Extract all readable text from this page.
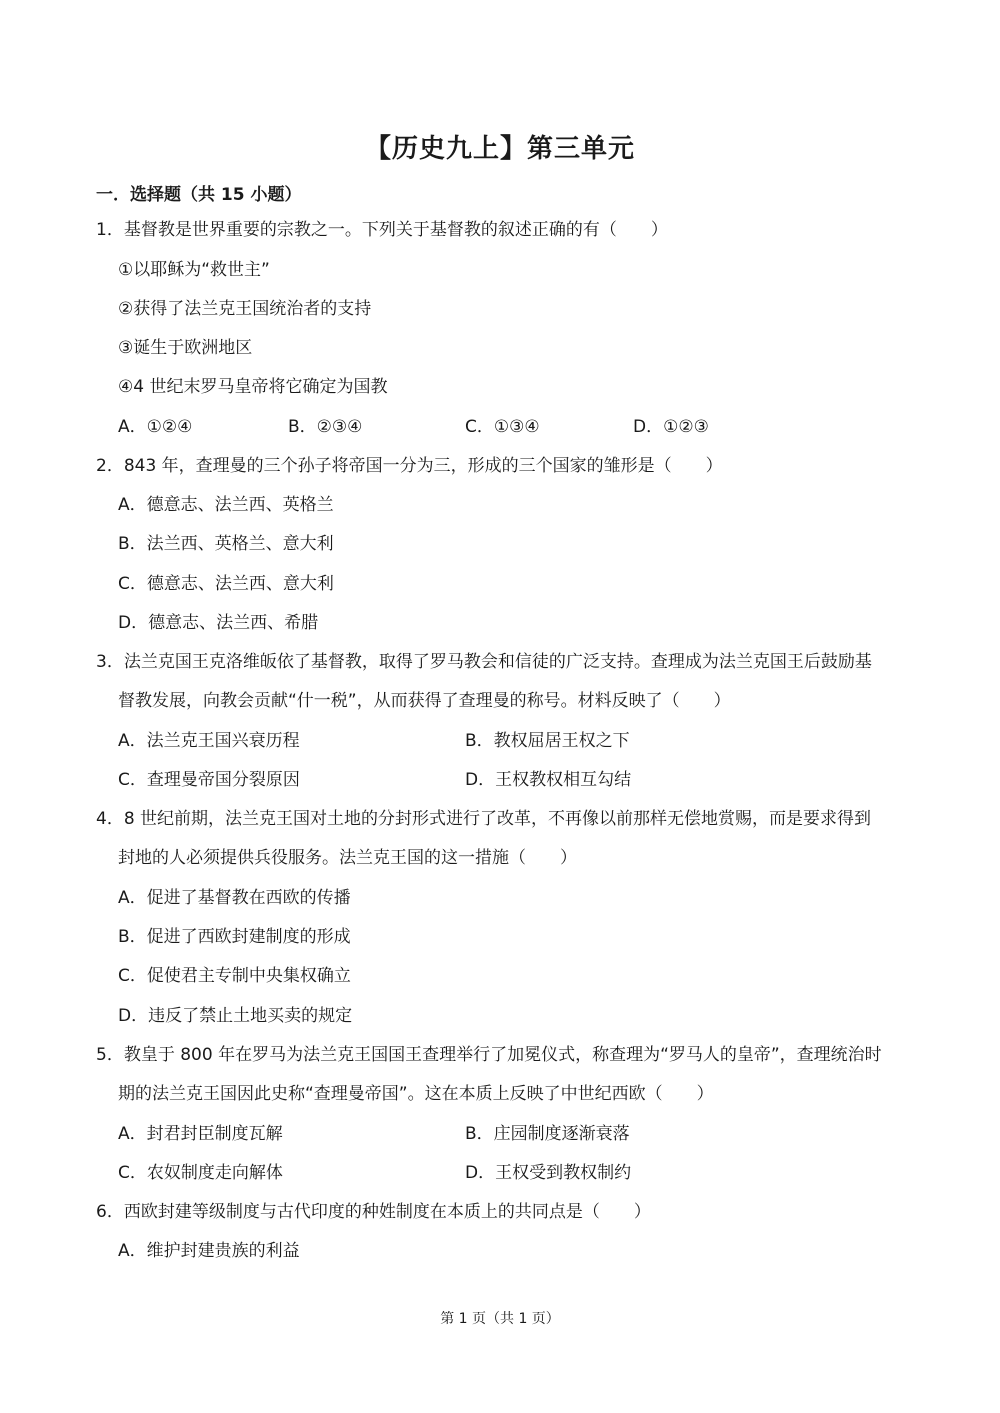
【历史九上】第三单元
一．选择题（共 15 小题）
1．基督教是世界重要的宗教之一。下列关于基督教的叙述正确的有（　　）
①以耶稣为“救世主”
②获得了法兰克王国统治者的支持
③诞生于欧洲地区
④4 世纪末罗马皇帝将它确定为国教
A．①②④	B．②③④	C．①③④	D．①②③
2．843 年，查理曼的三个孙子将帝国一分为三，形成的三个国家的雏形是（　　）
A．德意志、法兰西、英格兰
B．法兰西、英格兰、意大利
C．德意志、法兰西、意大利
D．德意志、法兰西、希腊
3．法兰克国王克洛维皈依了基督教，取得了罗马教会和信徒的广泛支持。查理成为法兰克国王后鼓励基
督教发展，向教会贡献“什一税”，从而获得了查理曼的称号。材料反映了（　　）
A．法兰克王国兴衰历程	B．教权屈居王权之下
C．查理曼帝国分裂原因	D．王权教权相互勾结
4．8 世纪前期，法兰克王国对土地的分封形式进行了改革，不再像以前那样无偿地赏赐，而是要求得到
封地的人必须提供兵役服务。法兰克王国的这一措施（　　）
A．促进了基督教在西欧的传播
B．促进了西欧封建制度的形成
C．促使君主专制中央集权确立
D．违反了禁止土地买卖的规定
5．教皇于 800 年在罗马为法兰克王国国王查理举行了加冕仪式，称查理为“罗马人的皇帝”，查理统治时
期的法兰克王国因此史称“查理曼帝国”。这在本质上反映了中世纪西欧（　　）
A．封君封臣制度瓦解	B．庄园制度逐渐衰落
C．农奴制度走向解体	D．王权受到教权制约
6．西欧封建等级制度与古代印度的种姓制度在本质上的共同点是（　　）
A．维护封建贵族的利益
第 1 页（共 1 页）
